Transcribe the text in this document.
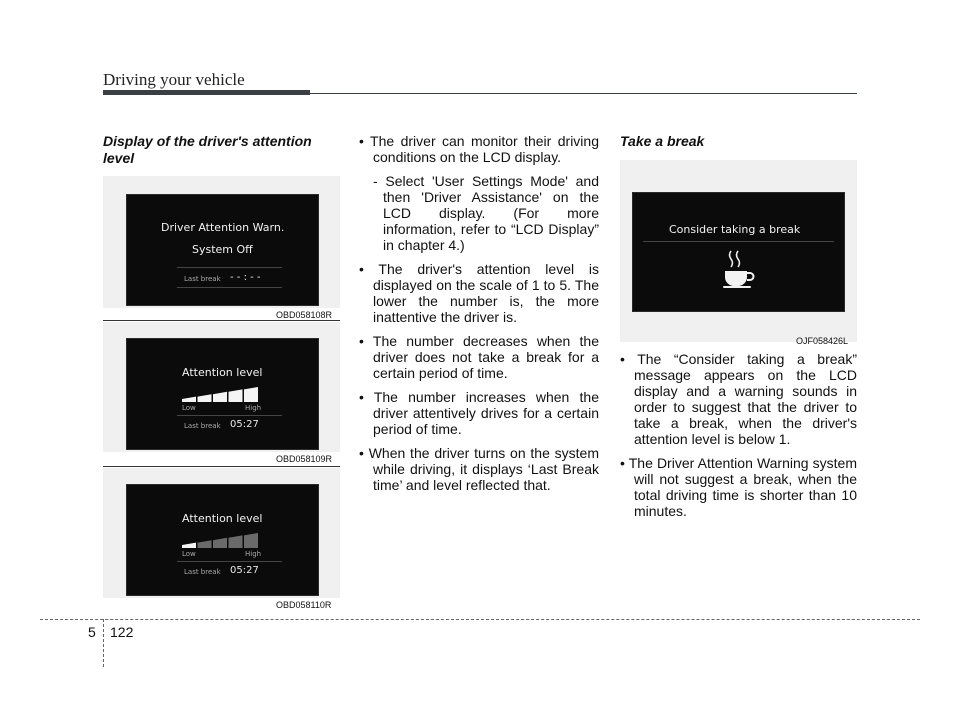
Driving your vehicle
Display of the driver's attention level
Driver Attention Warn.
System Off
Last break - - : - -
OBD058108R
Attention level
Low	High
Last break 05:27
OBD058109R
Attention level
Low	High
Last break 05:27
OBD058110R
• The driver can monitor their driving conditions on the LCD display.
- Select 'User Settings Mode' and then 'Driver Assistance' on the LCD display. (For more information, refer to “LCD Display” in chapter 4.)
• The driver's attention level is displayed on the scale of 1 to 5. The lower the number is, the more inattentive the driver is.
• The number decreases when the driver does not take a break for a certain period of time.
• The number increases when the driver attentively drives for a certain period of time.
• When the driver turns on the system while driving, it displays ‘Last Break time’ and level reflected that.
Take a break
Consider taking a break
OJF058426L
• The “Consider taking a break” message appears on the LCD display and a warning sounds in order to suggest that the driver to take a break, when the driver's attention level is below 1.
• The Driver Attention Warning system will not suggest a break, when the total driving time is shorter than 10 minutes.
5 122
